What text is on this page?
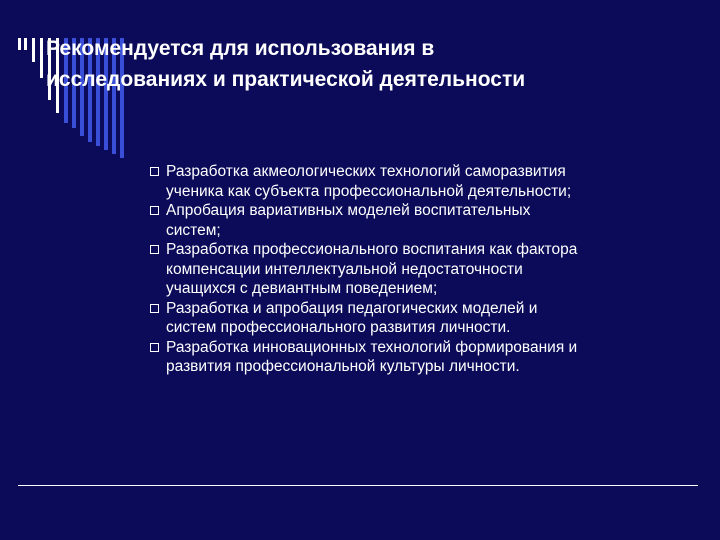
Рекомендуется для использования в
исследованиях и практической деятельности
Разработка акмеологических технологий саморазвития
ученика как субъекта профессиональной деятельности;
Апробация вариативных моделей воспитательных
систем;
Разработка профессионального воспитания как фактора
компенсации интеллектуальной недостаточности
учащихся с девиантным поведением;
Разработка и апробация педагогических моделей и
систем профессионального развития личности.
Разработка инновационных технологий формирования и
развития профессиональной культуры личности.
